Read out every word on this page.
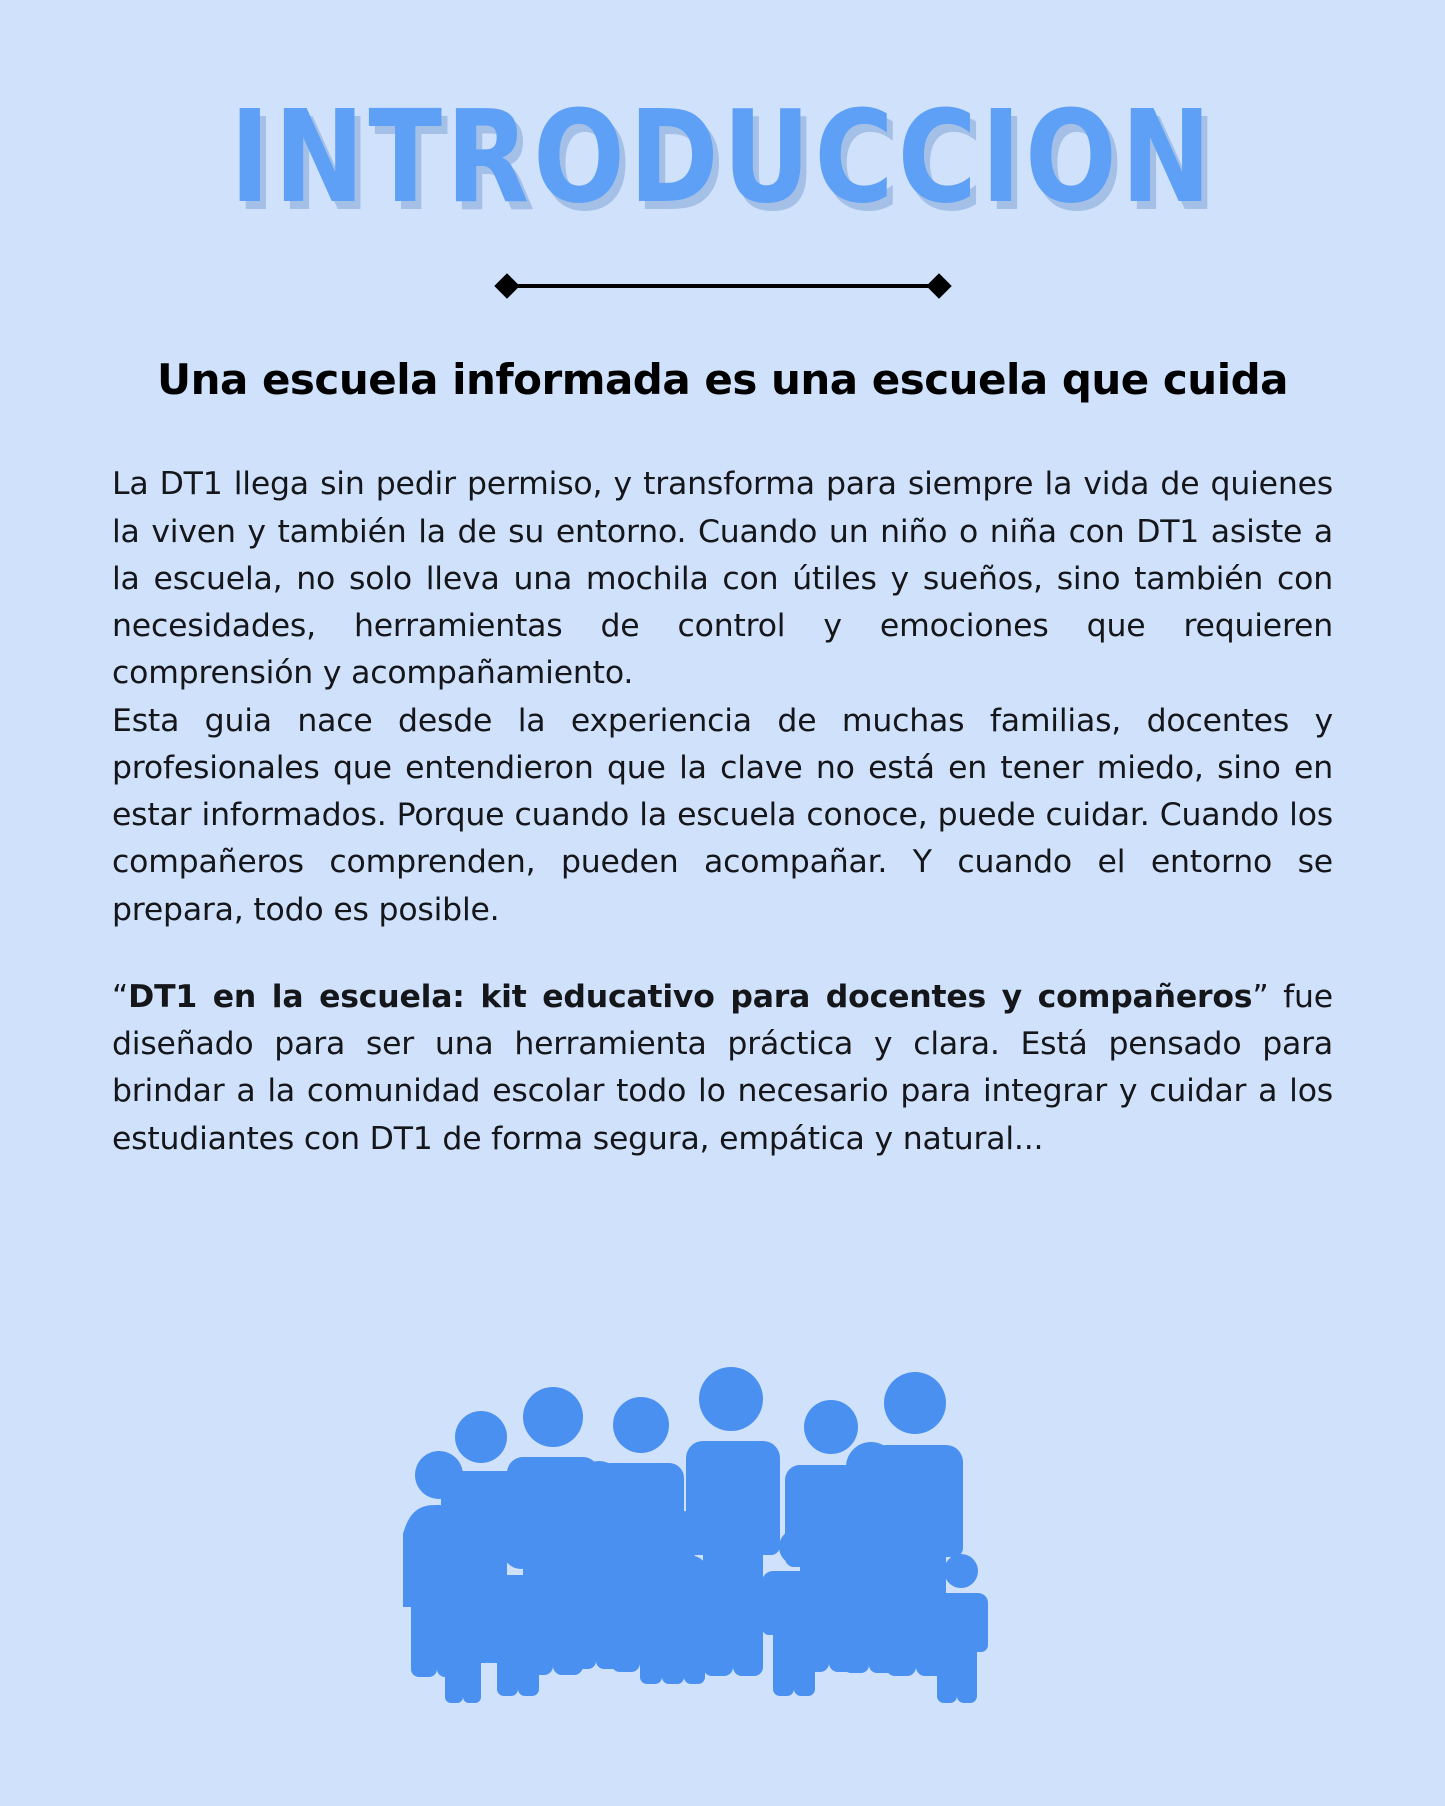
INTRODUCCION
Una escuela informada es una escuela que cuida

La DT1 llega sin pedir permiso, y transforma para siempre la vida de quienes la viven y también la de su entorno. Cuando un niño o niña con DT1 asiste a la escuela, no solo lleva una mochila con útiles y sueños, sino también con necesidades, herramientas de control y emociones que requieren comprensión y acompañamiento.

Esta guia nace desde la experiencia de muchas familias, docentes y profesionales que entendieron que la clave no está en tener miedo, sino en estar informados. Porque cuando la escuela conoce, puede cuidar. Cuando los compañeros comprenden, pueden acompañar. Y cuando el entorno se prepara, todo es posible.

“DT1 en la escuela: kit educativo para docentes y compañeros” fue diseñado para ser una herramienta práctica y clara. Está pensado para brindar a la comunidad escolar todo lo necesario para integrar y cuidar a los estudiantes con DT1 de forma segura, empática y natural...
